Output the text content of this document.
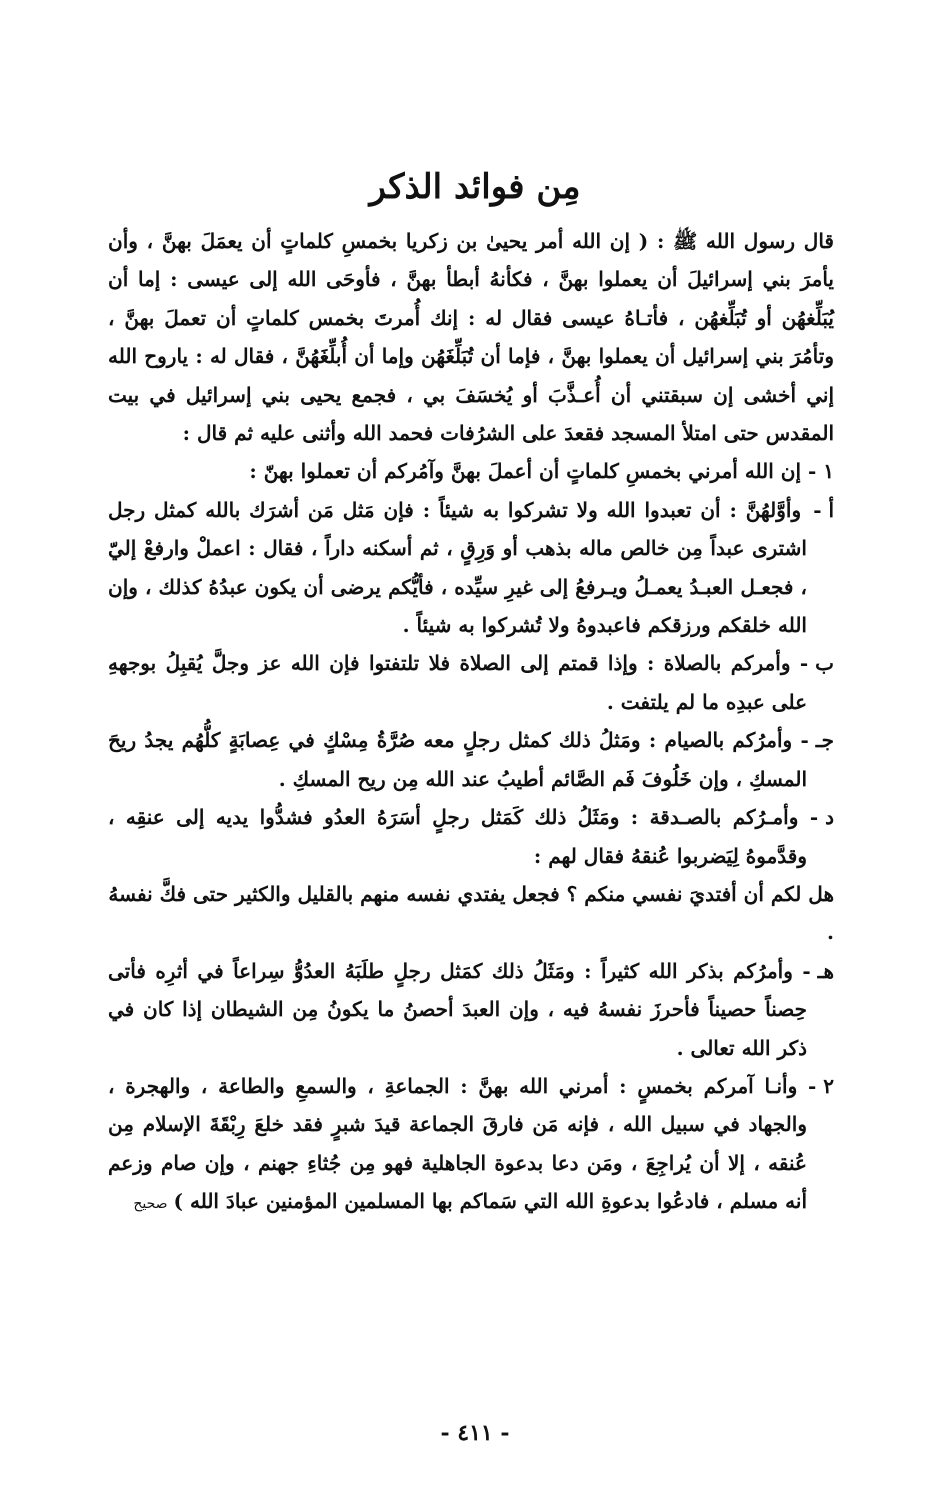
مِن فوائد الذكر

قال رسول الله ﷺ : ( إن الله أمر يحيىٰ بن زكريا بخمسِ كلماتٍ أن يعمَلَ بهنَّ ، وأن يأمرَ بني إسرائيلَ أن يعملوا بهنَّ ، فكأنهُ أبطأ بهنَّ ، فأوحَى الله إلى عيسى : إما أن يُبَلِّغهُن أو تُبَلِّغهُن ، فأتـاهُ عيسى فقال له : إنك أُمرتَ بخمس كلماتٍ أن تعملَ بهنَّ ، وتأمُرَ بني إسرائيل أن يعملوا بهنَّ ، فإما أن تُبَلِّغَهُن وإما أن أُبلِّغَهُنَّ ، فقال له : ياروح الله إني أخشى إن سبقتني أن أُعـذَّبَ أو يُخسَفَ بي ، فجمع يحيى بني إسرائيل في بيت المقدس حتى امتلأ المسجد فقعدَ على الشرُفات فحمد الله وأثنى عليه ثم قال :

١ - إن الله أمرني بخمسِ كلماتٍ أن أعملَ بهنَّ وآمُركم أن تعملوا بهنّ :

أ - وأوَّلهُنَّ : أن تعبدوا الله ولا تشركوا به شيئاً : فإن مَثل مَن أشرَك بالله كمثل رجل اشترى عبداً مِن خالص ماله بذهب أو وَرِقٍ ، ثم أسكنه داراً ، فقال : اعملْ وارفعْ إليّ ، فجعـل العبـدُ يعمـلُ ويـرفعُ إلى غيرِ سيِّده ، فأيُّكم يرضى أن يكون عبدُهُ كذلك ، وإن الله خلقكم ورزقكم فاعبدوهُ ولا تُشركوا به شيئاً .

ب - وأمركم بالصلاة : وإذا قمتم إلى الصلاة فلا تلتفتوا فإن الله عز وجلَّ يُقبِلُ بوجههِ على عبدِه ما لم يلتفت .

جـ - وأمرُكم بالصيام : ومَثلُ ذلك كمثل رجلٍ معه صُرَّةُ مِسْكٍ في عِصابَةٍ كلُّهُم يجدُ ريحَ المسكِ ، وإن خَلُوفَ فَم الصَّائم أطيبُ عند الله مِن ريح المسكِ .

د - وأمـرُكم بالصـدقة : ومَثَلُ ذلك كَمَثل رجلٍ أسَرَهُ العدُو فشدُّوا يديه إلى عنقِه ، وقدَّموهُ لِيَضربوا عُنقهُ فقال لهم :

هل لكم أن أفتديَ نفسي منكم ؟ فجعل يفتدي نفسه منهم بالقليل والكثير حتى فكَّ نفسهُ .

هـ - وأمرُكم بذكر الله كثيراً : ومَثَلُ ذلك كمَثل رجلٍ طلَبَهُ العدُوُّ سِراعاً في أثرِه فأتى حِصناً حصيناً فأحرزَ نفسهُ فيه ، وإن العبدَ أحصنُ ما يكونُ مِن الشيطان إذا كان في ذكر الله تعالى .

٢ - وأنـا آمركم بخمسٍ : أمرني الله بهنَّ : الجماعةِ ، والسمعِ والطاعة ، والهجرة ، والجهاد في سبيل الله ، فإنه مَن فارقَ الجماعة قيدَ شبرٍ فقد خلعَ رِبْقَةَ الإسلام مِن عُنقه ، إلا أن يُراجِعَ ، ومَن دعا بدعوة الجاهلية فهو مِن جُثاءِ جهنم ، وإن صام وزعم أنه مسلم ، فادعُوا بدعوةِ الله التي سَماكم بها المسلمين المؤمنين عبادَ الله )صحيح

- ٤١١ -
